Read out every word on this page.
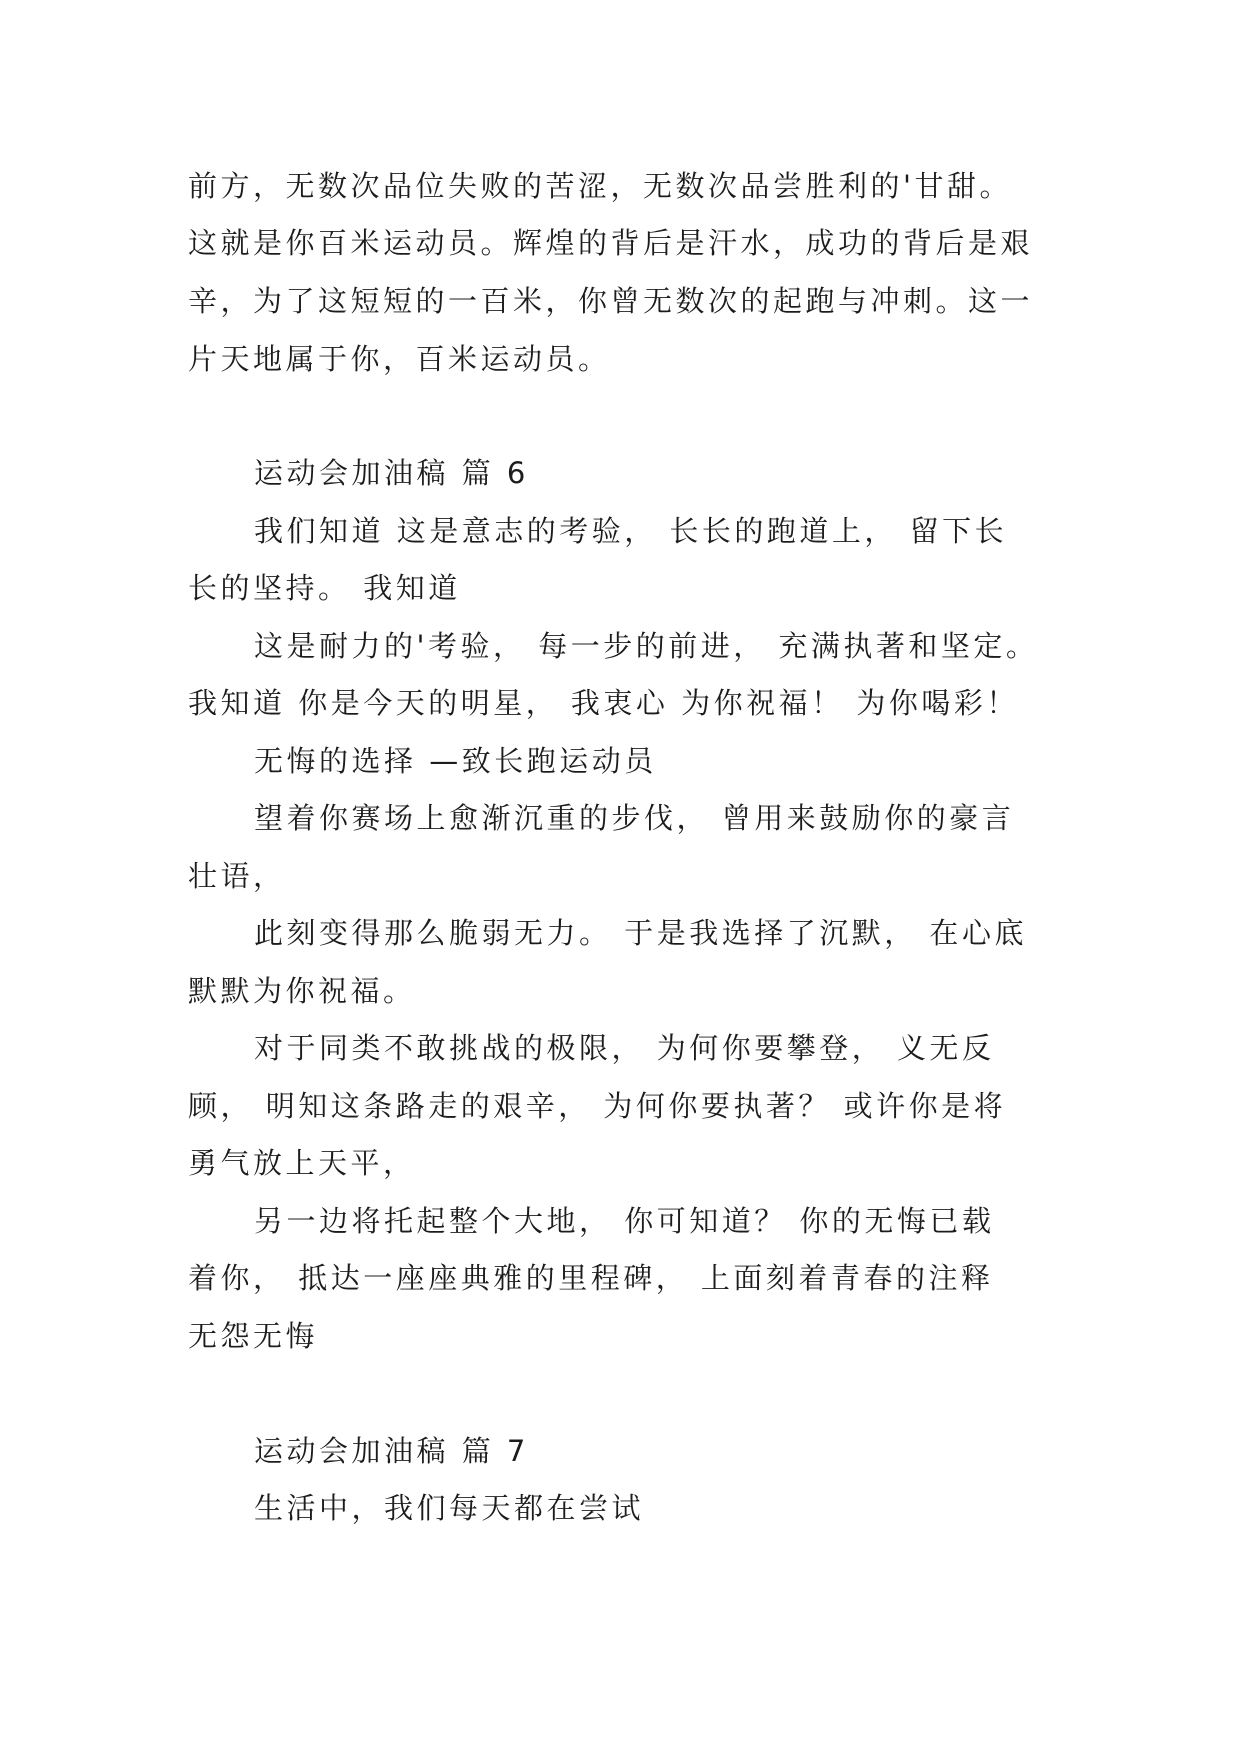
前方，无数次品位失败的苦涩，无数次品尝胜利的'甘甜。
这就是你百米运动员。辉煌的背后是汗水，成功的背后是艰
辛，为了这短短的一百米，你曾无数次的起跑与冲刺。这一
片天地属于你，百米运动员。
运动会加油稿 篇 6
我们知道 这是意志的考验， 长长的跑道上， 留下长
长的坚持。 我知道
这是耐力的'考验， 每一步的前进， 充满执著和坚定。
我知道 你是今天的明星， 我衷心 为你祝福！ 为你喝彩！
无悔的选择 —致长跑运动员
望着你赛场上愈渐沉重的步伐， 曾用来鼓励你的豪言
壮语，
此刻变得那么脆弱无力。 于是我选择了沉默， 在心底
默默为你祝福。
对于同类不敢挑战的极限， 为何你要攀登， 义无反
顾， 明知这条路走的艰辛， 为何你要执著？ 或许你是将
勇气放上天平，
另一边将托起整个大地， 你可知道？ 你的无悔已载
着你， 抵达一座座典雅的里程碑， 上面刻着青春的注释
无怨无悔
运动会加油稿 篇 7
生活中，我们每天都在尝试
